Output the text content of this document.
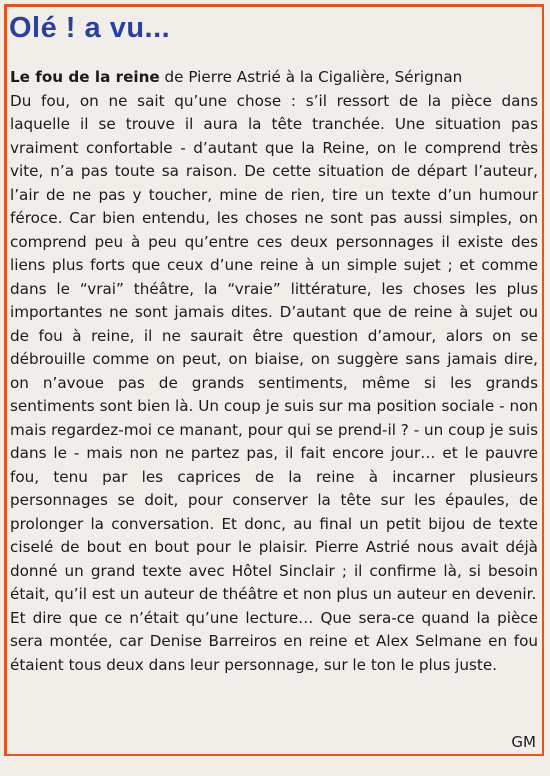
Olé ! a vu...

Le fou de la reine de Pierre Astrié à la Cigalière, Sérignan

Du fou, on ne sait qu’une chose : s’il ressort de la pièce dans laquelle il se trouve il aura la tête tranchée. Une situation pas vraiment confortable - d’autant que la Reine, on le comprend très vite, n’a pas toute sa raison. De cette situation de départ l’auteur, l’air de ne pas y toucher, mine de rien, tire un texte d’un humour féroce. Car bien entendu, les choses ne sont pas aussi simples, on comprend peu à peu qu’entre ces deux personnages il existe des liens plus forts que ceux d’une reine à un simple sujet ; et comme dans le “vrai” théâtre, la “vraie” littérature, les choses les plus importantes ne sont jamais dites. D’autant que de reine à sujet ou de fou à reine, il ne saurait être question d’amour, alors on se débrouille comme on peut, on biaise, on suggère sans jamais dire, on n’avoue pas de grands sentiments, même si les grands sentiments sont bien là. Un coup je suis sur ma position sociale - non mais regardez-moi ce manant, pour qui se prend-il ? - un coup je suis dans le - mais non ne partez pas, il fait encore jour… et le pauvre fou, tenu par les caprices de la reine à incarner plusieurs personnages se doit, pour conserver la tête sur les épaules, de prolonger la conversation. Et donc, au final un petit bijou de texte ciselé de bout en bout pour le plaisir. Pierre Astrié nous avait déjà donné un grand texte avec Hôtel Sinclair ; il confirme là, si besoin était, qu’il est un auteur de théâtre et non plus un auteur en devenir.

Et dire que ce n’était qu’une lecture… Que sera-ce quand la pièce sera montée, car Denise Barreiros en reine et Alex Selmane en fou étaient tous deux dans leur personnage, sur le ton le plus juste.

GM
